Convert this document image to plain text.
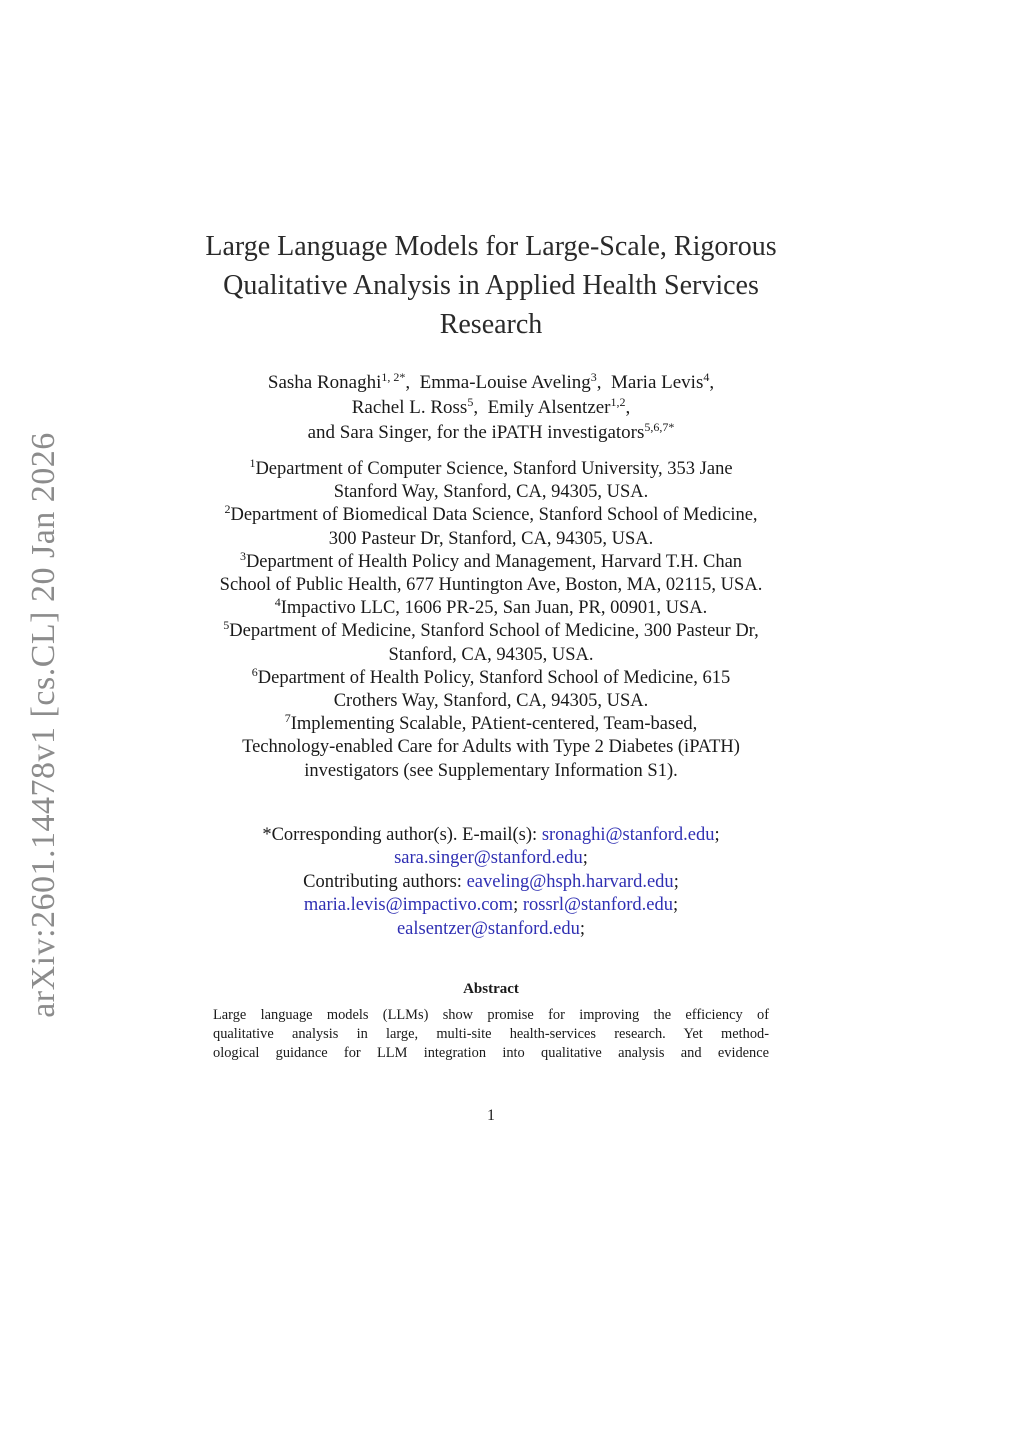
arXiv:2601.14478v1 [cs.CL] 20 Jan 2026
Large Language Models for Large-Scale, Rigorous
Qualitative Analysis in Applied Health Services
Research
Sasha Ronaghi$^{1, 2*}$,  Emma-Louise Aveling$^3$,  Maria Levis$^4$,
Rachel L. Ross$^5$,  Emily Alsentzer$^{1,2}$,
and Sara Singer, for the iPATH investigators$^{5,6,7*}$
$^1$Department of Computer Science, Stanford University, 353 Jane
Stanford Way, Stanford, CA, 94305, USA.
$^2$Department of Biomedical Data Science, Stanford School of Medicine,
300 Pasteur Dr, Stanford, CA, 94305, USA.
$^3$Department of Health Policy and Management, Harvard T.H. Chan
School of Public Health, 677 Huntington Ave, Boston, MA, 02115, USA.
$^4$Impactivo LLC, 1606 PR-25, San Juan, PR, 00901, USA.
$^5$Department of Medicine, Stanford School of Medicine, 300 Pasteur Dr,
Stanford, CA, 94305, USA.
$^6$Department of Health Policy, Stanford School of Medicine, 615
Crothers Way, Stanford, CA, 94305, USA.
$^7$Implementing Scalable, PAtient-centered, Team-based,
Technology-enabled Care for Adults with Type 2 Diabetes (iPATH)
investigators (see Supplementary Information S1).
*Corresponding author(s). E-mail(s): sronaghi@stanford.edu;
sara.singer@stanford.edu;
Contributing authors: eaveling@hsph.harvard.edu;
maria.levis@impactivo.com; rossrl@stanford.edu;
ealsentzer@stanford.edu;
Abstract
Large language models (LLMs) show promise for improving the efficiency of
qualitative analysis in large, multi-site health-services research. Yet method-
ological guidance for LLM integration into qualitative analysis and evidence
1
